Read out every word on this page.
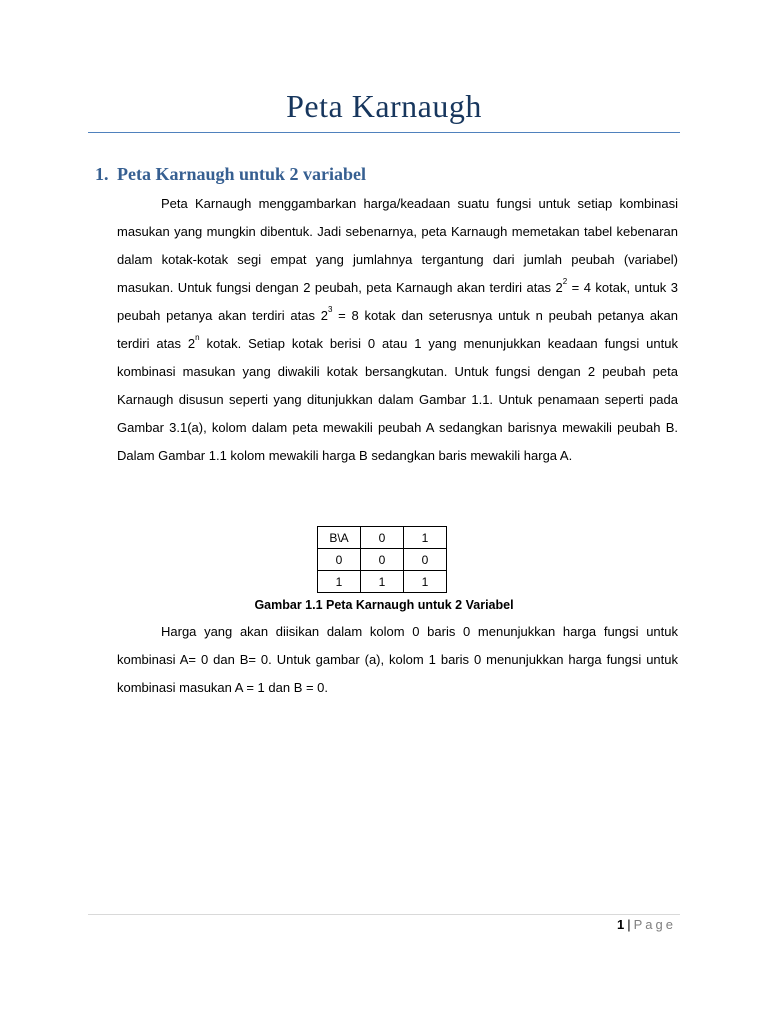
Peta Karnaugh
1. Peta Karnaugh untuk 2 variabel
Peta Karnaugh menggambarkan harga/keadaan suatu fungsi untuk setiap kombinasi masukan yang mungkin dibentuk. Jadi sebenarnya, peta Karnaugh memetakan tabel kebenaran dalam kotak-kotak segi empat yang jumlahnya tergantung dari jumlah peubah (variabel) masukan. Untuk fungsi dengan 2 peubah, peta Karnaugh akan terdiri atas $2^2 = 4$ kotak, untuk 3 peubah petanya akan terdiri atas $2^3 = 8$ kotak dan seterusnya untuk n peubah petanya akan terdiri atas 2$^n$ kotak. Setiap kotak berisi 0 atau 1 yang menunjukkan keadaan fungsi untuk kombinasi masukan yang diwakili kotak bersangkutan. Untuk fungsi dengan 2 peubah peta Karnaugh disusun seperti yang ditunjukkan dalam Gambar 1.1. Untuk penamaan seperti pada Gambar 3.1(a), kolom dalam peta mewakili peubah A sedangkan barisnya mewakili peubah B. Dalam Gambar 1.1 kolom mewakili harga B sedangkan baris mewakili harga A.
B\A	0	1
0	0	0
1	1	1
Gambar 1.1 Peta Karnaugh untuk 2 Variabel
Harga yang akan diisikan dalam kolom 0 baris 0 menunjukkan harga fungsi untuk kombinasi A= 0 dan B= 0. Untuk gambar (a), kolom 1 baris 0 menunjukkan harga fungsi untuk kombinasi masukan A = 1 dan B = 0.
1 | Page
